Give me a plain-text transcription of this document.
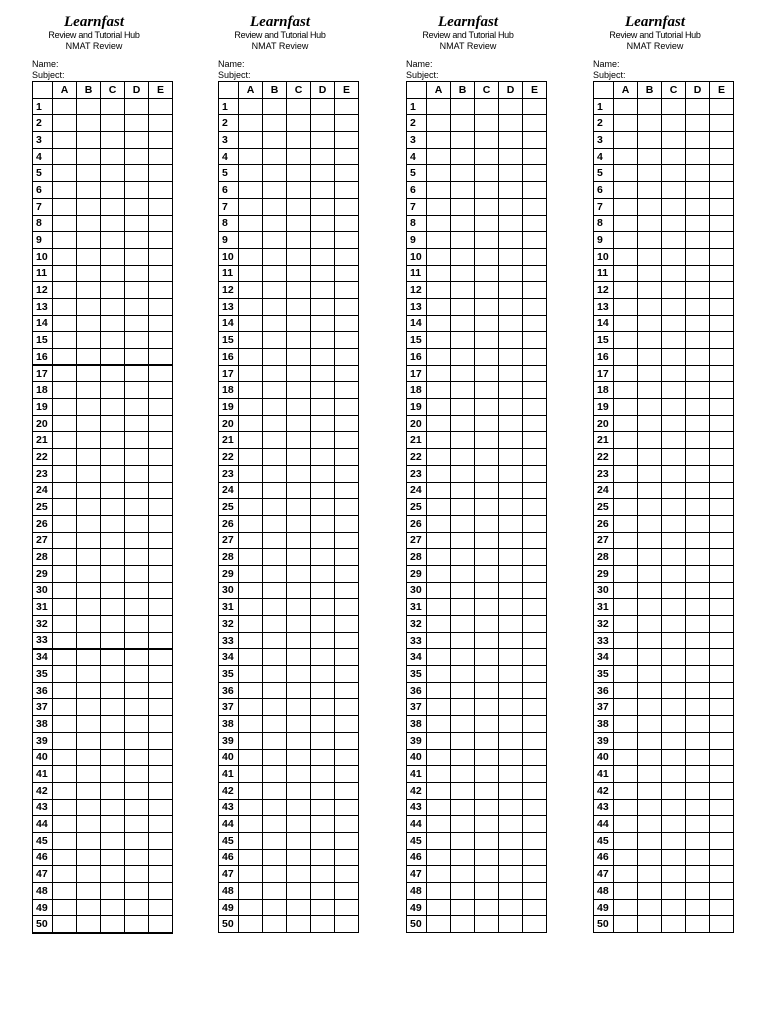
Learnfast
Review and Tutorial Hub
NMAT Review
Name:
Subject:
	A	B	C	D	E
1					
2					
3					
4					
5					
6					
7					
8					
9					
10					
11					
12					
13					
14					
15					
16					
17					
18					
19					
20					
21					
22					
23					
24					
25					
26					
27					
28					
29					
30					
31					
32					
33					
34					
35					
36					
37					
38					
39					
40					
41					
42					
43					
44					
45					
46					
47					
48					
49					
50					
Learnfast
Review and Tutorial Hub
NMAT Review
Name:
Subject:
	A	B	C	D	E
1					
2					
3					
4					
5					
6					
7					
8					
9					
10					
11					
12					
13					
14					
15					
16					
17					
18					
19					
20					
21					
22					
23					
24					
25					
26					
27					
28					
29					
30					
31					
32					
33					
34					
35					
36					
37					
38					
39					
40					
41					
42					
43					
44					
45					
46					
47					
48					
49					
50					
Learnfast
Review and Tutorial Hub
NMAT Review
Name:
Subject:
	A	B	C	D	E
1					
2					
3					
4					
5					
6					
7					
8					
9					
10					
11					
12					
13					
14					
15					
16					
17					
18					
19					
20					
21					
22					
23					
24					
25					
26					
27					
28					
29					
30					
31					
32					
33					
34					
35					
36					
37					
38					
39					
40					
41					
42					
43					
44					
45					
46					
47					
48					
49					
50					
Learnfast
Review and Tutorial Hub
NMAT Review
Name:
Subject:
	A	B	C	D	E
1					
2					
3					
4					
5					
6					
7					
8					
9					
10					
11					
12					
13					
14					
15					
16					
17					
18					
19					
20					
21					
22					
23					
24					
25					
26					
27					
28					
29					
30					
31					
32					
33					
34					
35					
36					
37					
38					
39					
40					
41					
42					
43					
44					
45					
46					
47					
48					
49					
50					
